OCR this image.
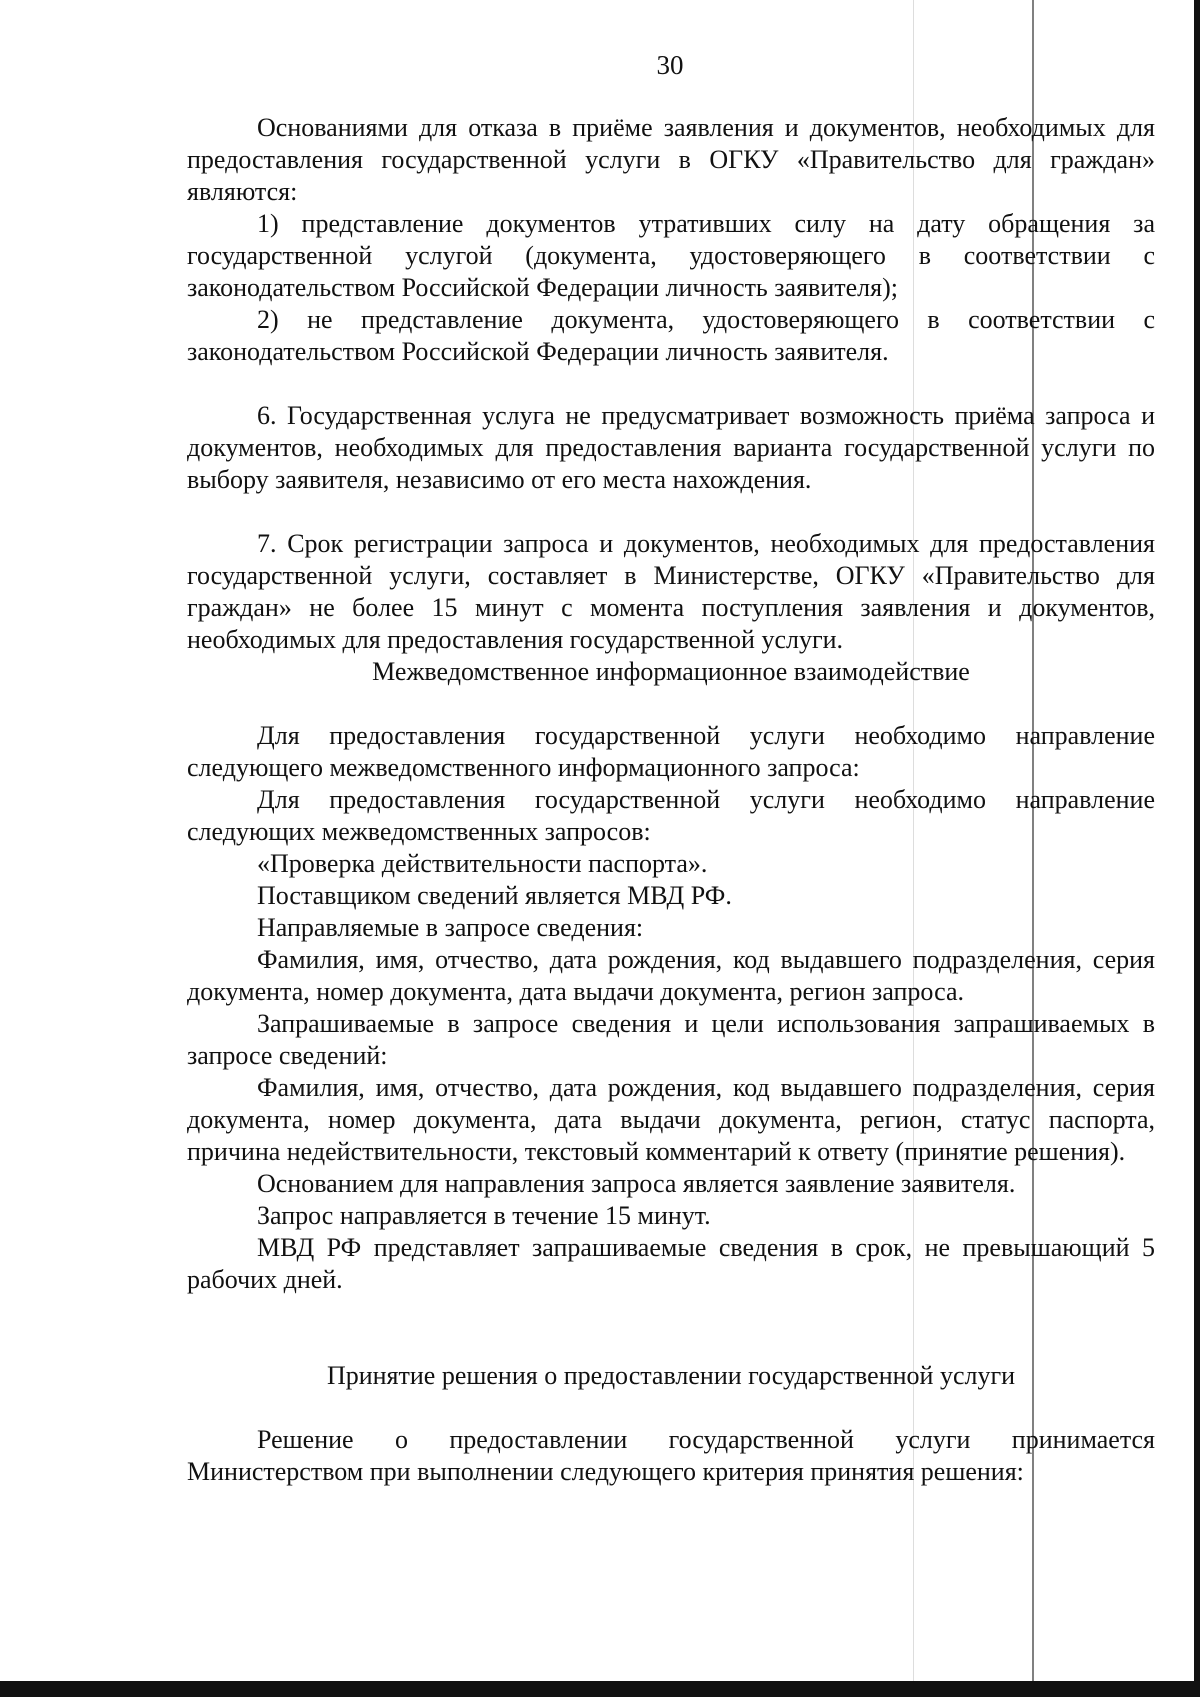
30

Основаниями для отказа в приёме заявления и документов, необходимых для предоставления государственной услуги в ОГКУ «Правительство для граждан» являются:

1) представление документов утративших силу на дату обращения за государственной услугой (документа, удостоверяющего в соответствии с законодательством Российской Федерации личность заявителя);

2) не представление документа, удостоверяющего в соответствии с законодательством Российской Федерации личность заявителя.

6. Государственная услуга не предусматривает возможность приёма запроса и документов, необходимых для предоставления варианта государственной услуги по выбору заявителя, независимо от его места нахождения.

7. Срок регистрации запроса и документов, необходимых для предоставления государственной услуги, составляет в Министерстве, ОГКУ «Правительство для граждан» не более 15 минут с момента поступления заявления и документов, необходимых для предоставления государственной услуги.

Межведомственное информационное взаимодействие

Для предоставления государственной услуги необходимо направление следующего межведомственного информационного запроса:

Для предоставления государственной услуги необходимо направление следующих межведомственных запросов:

«Проверка действительности паспорта».

Поставщиком сведений является МВД РФ.

Направляемые в запросе сведения:

Фамилия, имя, отчество, дата рождения, код выдавшего подразделения, серия документа, номер документа, дата выдачи документа, регион запроса.

Запрашиваемые в запросе сведения и цели использования запрашиваемых в запросе сведений:

Фамилия, имя, отчество, дата рождения, код выдавшего подразделения, серия документа, номер документа, дата выдачи документа, регион, статус паспорта, причина недействительности, текстовый комментарий к ответу (принятие решения).

Основанием для направления запроса является заявление заявителя.

Запрос направляется в течение 15 минут.

МВД РФ представляет запрашиваемые сведения в срок, не превышающий 5 рабочих дней.

Принятие решения о предоставлении государственной услуги

Решение о предоставлении государственной услуги принимается Министерством при выполнении следующего критерия принятия решения:
